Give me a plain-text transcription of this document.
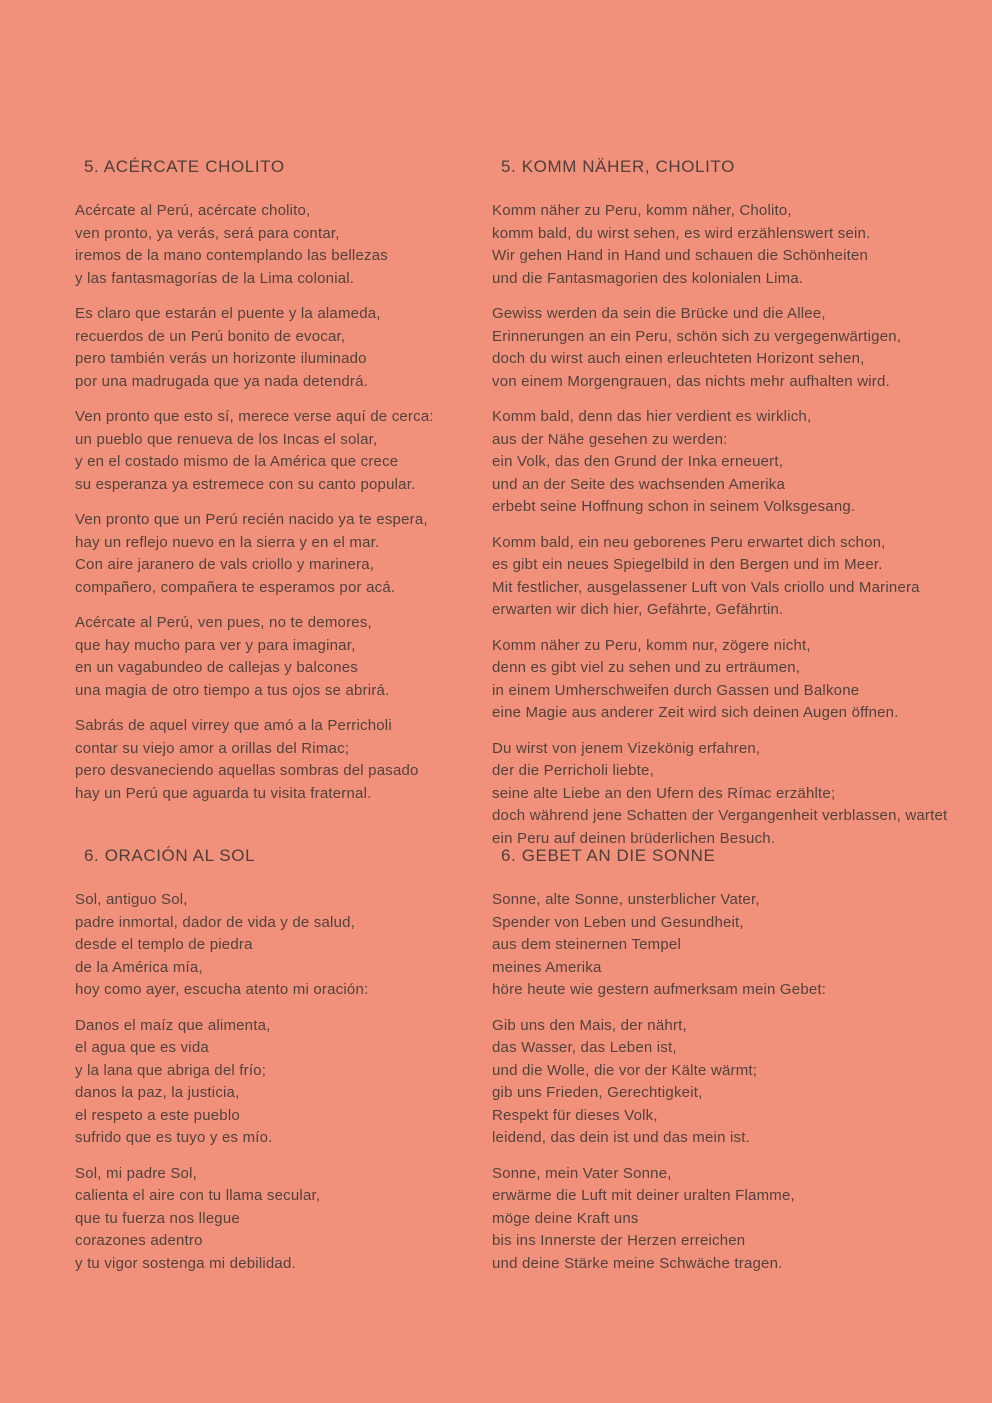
5. ACÉRCATE CHOLITO

Acércate al Perú, acércate cholito,
ven pronto, ya verás, será para contar,
iremos de la mano contemplando las bellezas
y las fantasmagorías de la Lima colonial.

Es claro que estarán el puente y la alameda,
recuerdos de un Perú bonito de evocar,
pero también verás un horizonte iluminado
por una madrugada que ya nada detendrá.

Ven pronto que esto sí, merece verse aquí de cerca:
un pueblo que renueva de los Incas el solar,
y en el costado mismo de la América que crece
su esperanza ya estremece con su canto popular.

Ven pronto que un Perú recién nacido ya te espera,
hay un reflejo nuevo en la sierra y en el mar.
Con aire jaranero de vals criollo y marinera,
compañero, compañera te esperamos por acá.

Acércate al Perú, ven pues, no te demores,
que hay mucho para ver y para imaginar,
en un vagabundeo de callejas y balcones
una magia de otro tiempo a tus ojos se abrirá.

Sabrás de aquel virrey que amó a la Perricholi
contar su viejo amor a orillas del Rimac;
pero desvaneciendo aquellas sombras del pasado
hay un Perú que aguarda tu visita fraternal.

5. KOMM NÄHER, CHOLITO

Komm näher zu Peru, komm näher, Cholito,
komm bald, du wirst sehen, es wird erzählenswert sein.
Wir gehen Hand in Hand und schauen die Schönheiten
und die Fantasmagorien des kolonialen Lima.

Gewiss werden da sein die Brücke und die Allee,
Erinnerungen an ein Peru, schön sich zu vergegenwärtigen,
doch du wirst auch einen erleuchteten Horizont sehen,
von einem Morgengrauen, das nichts mehr aufhalten wird.

Komm bald, denn das hier verdient es wirklich,
aus der Nähe gesehen zu werden:
ein Volk, das den Grund der Inka erneuert,
und an der Seite des wachsenden Amerika
erbebt seine Hoffnung schon in seinem Volksgesang.

Komm bald, ein neu geborenes Peru erwartet dich schon,
es gibt ein neues Spiegelbild in den Bergen und im Meer.
Mit festlicher, ausgelassener Luft von Vals criollo und Marinera
erwarten wir dich hier, Gefährte, Gefährtin.

Komm näher zu Peru, komm nur, zögere nicht,
denn es gibt viel zu sehen und zu erträumen,
in einem Umherschweifen durch Gassen und Balkone
eine Magie aus anderer Zeit wird sich deinen Augen öffnen.

Du wirst von jenem Vizekönig erfahren,
der die Perricholi liebte,
seine alte Liebe an den Ufern des Rímac erzählte;
doch während jene Schatten der Vergangenheit verblassen, wartet
ein Peru auf deinen brüderlichen Besuch.

6. ORACIÓN AL SOL

Sol, antiguo Sol,
padre inmortal, dador de vida y de salud,
desde el templo de piedra
de la América mía,
hoy como ayer, escucha atento mi oración:

Danos el maíz que alimenta,
el agua que es vida
y la lana que abriga del frío;
danos la paz, la justicia,
el respeto a este pueblo
sufrido que es tuyo y es mío.

Sol, mi padre Sol,
calienta el aire con tu llama secular,
que tu fuerza nos llegue
corazones adentro
y tu vigor sostenga mi debilidad.

6. GEBET AN DIE SONNE

Sonne, alte Sonne, unsterblicher Vater,
Spender von Leben und Gesundheit,
aus dem steinernen Tempel
meines Amerika
höre heute wie gestern aufmerksam mein Gebet:

Gib uns den Mais, der nährt,
das Wasser, das Leben ist,
und die Wolle, die vor der Kälte wärmt;
gib uns Frieden, Gerechtigkeit,
Respekt für dieses Volk,
leidend, das dein ist und das mein ist.

Sonne, mein Vater Sonne,
erwärme die Luft mit deiner uralten Flamme,
möge deine Kraft uns
bis ins Innerste der Herzen erreichen
und deine Stärke meine Schwäche tragen.
